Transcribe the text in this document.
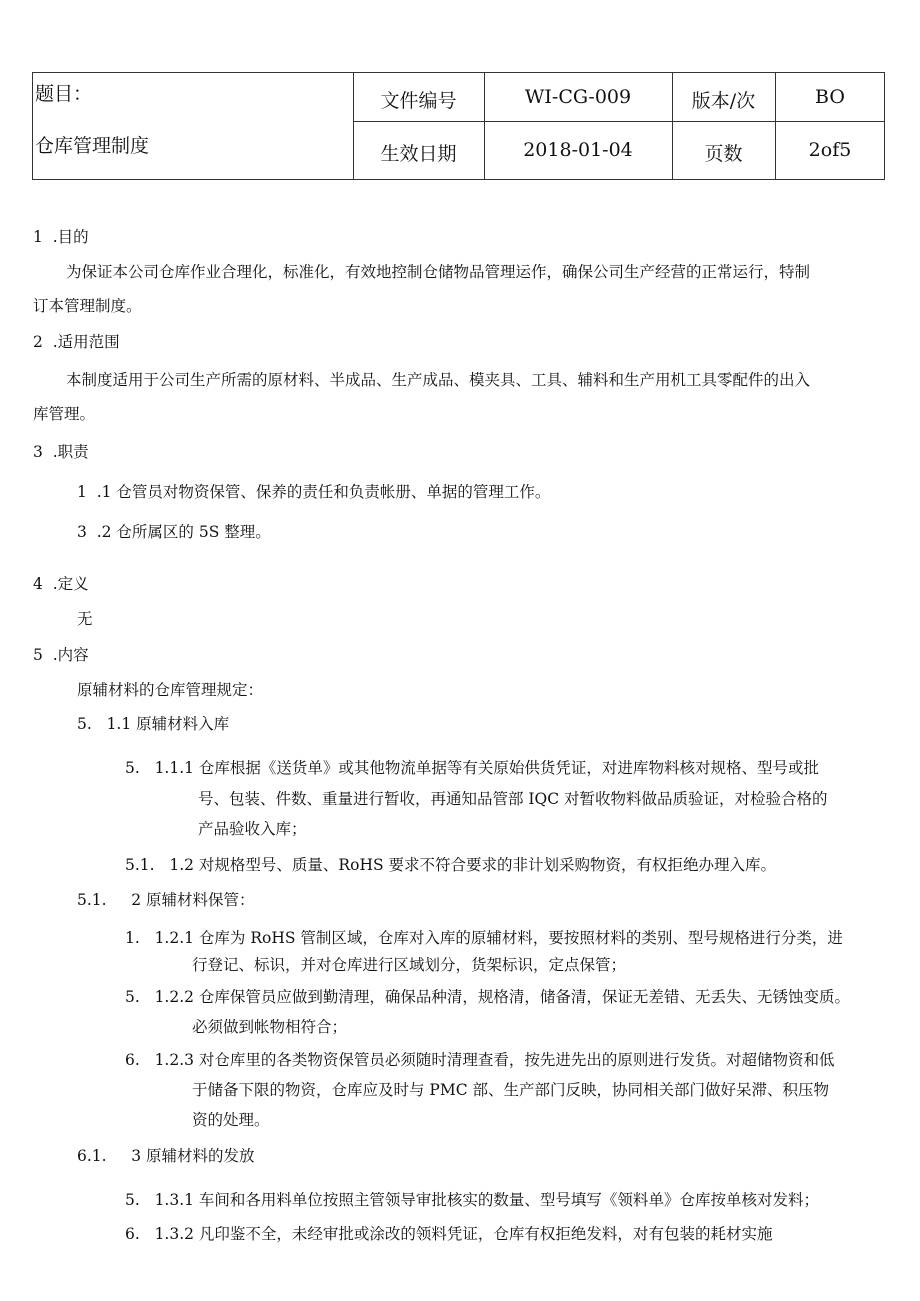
题目：
仓库管理制度
文件编号	WI-CG-009	版本/次	BO
生效日期	2018-01-04	页数	2of5
1  .目的
为保证本公司仓库作业合理化，标准化，有效地控制仓储物品管理运作，确保公司生产经营的正常运行，特制
订本管理制度。
2  .适用范围
本制度适用于公司生产所需的原材料、半成品、生产成品、模夹具、工具、辅料和生产用机工具零配件的出入
库管理。
3  .职责
1  .1 仓管员对物资保管、保养的责任和负责帐册、单据的管理工作。
3  .2 仓所属区的 5S 整理。
4  .定义
无
5  .内容
原辅材料的仓库管理规定：
5.   1.1 原辅材料入库
5.   1.1.1 仓库根据《送货单》或其他物流单据等有关原始供货凭证，对进库物料核对规格、型号或批
号、包装、件数、重量进行暂收，再通知品管部 IQC 对暂收物料做品质验证，对检验合格的
产品验收入库；
5.1.   1.2 对规格型号、质量、RoHS 要求不符合要求的非计划采购物资，有权拒绝办理入库。
5.1.     2 原辅材料保管：
1.   1.2.1 仓库为 RoHS 管制区域，仓库对入库的原辅材料，要按照材料的类别、型号规格进行分类，进
行登记、标识，并对仓库进行区域划分，货架标识，定点保管；
5.   1.2.2 仓库保管员应做到勤清理，确保品种清，规格清，储备清，保证无差错、无丢失、无锈蚀变质。
必须做到帐物相符合；
6.   1.2.3 对仓库里的各类物资保管员必须随时清理查看，按先进先出的原则进行发货。对超储物资和低
于储备下限的物资，仓库应及时与 PMC 部、生产部门反映，协同相关部门做好呆滞、积压物
资的处理。
6.1.     3 原辅材料的发放
5.   1.3.1 车间和各用料单位按照主管领导审批核实的数量、型号填写《领料单》仓库按单核对发料；
6.   1.3.2 凡印鉴不全，未经审批或涂改的领料凭证，仓库有权拒绝发料，对有包装的耗材实施
